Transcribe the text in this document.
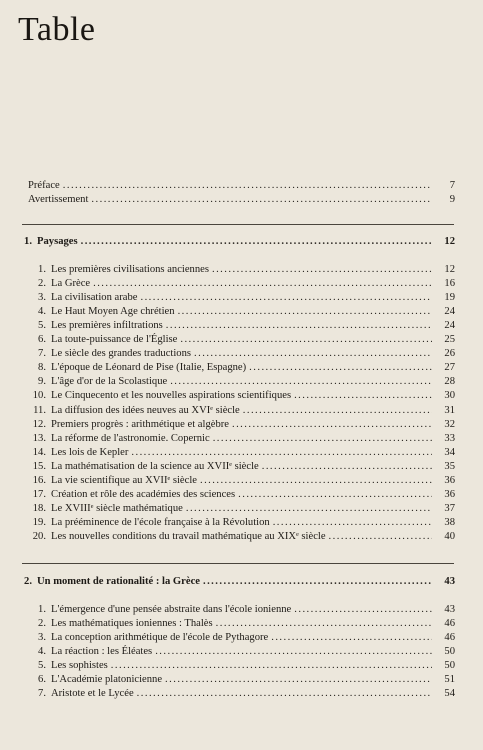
Table
Préface . . .	7
Avertissement . . .	9
1. Paysages . . .	12
1. Les premières civilisations anciennes . . .	12
2. La Grèce . . .	16
3. La civilisation arabe . . .	19
4. Le Haut Moyen Age chrétien . . .	24
5. Les premières infiltrations . . .	24
6. La toute-puissance de l'Église . . .	25
7. Le siècle des grandes traductions . . .	26
8. L'époque de Léonard de Pise (Italie, Espagne) . . .	27
9. L'âge d'or de la Scolastique . . .	28
10. Le Cinquecento et les nouvelles aspirations scientifiques . . .	30
11. La diffusion des idées neuves au XVIᵉ siècle . . .	31
12. Premiers progrès : arithmétique et algèbre . . .	32
13. La réforme de l'astronomie. Copernic . . .	33
14. Les lois de Kepler . . .	34
15. La mathématisation de la science au XVIIᵉ siècle . . .	35
16. La vie scientifique au XVIIᵉ siècle . . .	36
17. Création et rôle des académies des sciences . . .	36
18. Le XVIIIᵉ siècle mathématique . . .	37
19. La prééminence de l'école française à la Révolution . . .	38
20. Les nouvelles conditions du travail mathématique au XIXᵉ siècle . . .	40
2. Un moment de rationalité : la Grèce . . .	43
1. L'émergence d'une pensée abstraite dans l'école ionienne . . .	43
2. Les mathématiques ioniennes : Thalès . . .	46
3. La conception arithmétique de l'école de Pythagore . . .	46
4. La réaction : les Éléates . . .	50
5. Les sophistes . . .	50
6. L'Académie platonicienne . . .	51
7. Aristote et le Lycée . . .	54
